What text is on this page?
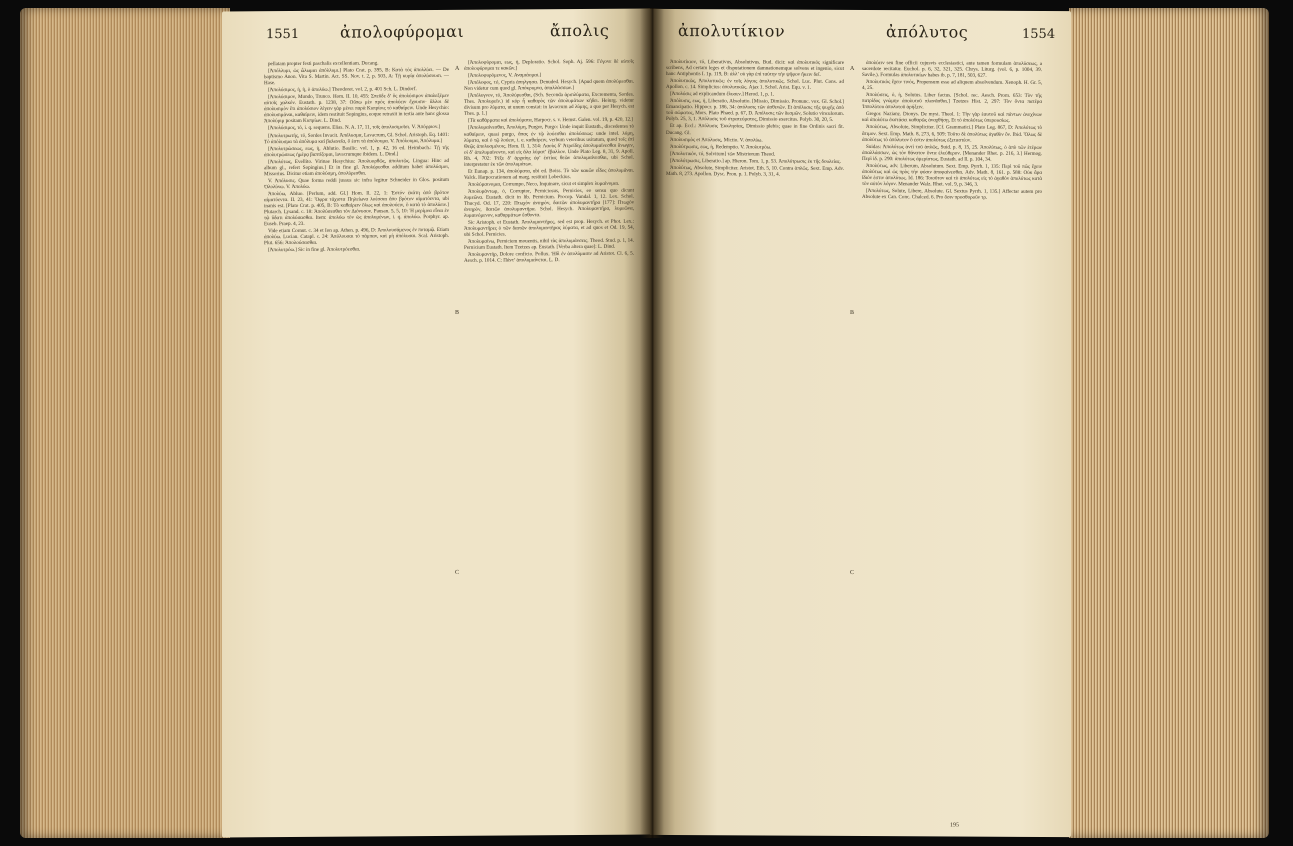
1551	ἀπολοφύρομαι	ἄπολις

pellatam propter festi paschalis excellentiam. Ducang.

[Ἀπόλλυμι, ὡς ὦλωμαι ἀπόλλυμι.] Plato Crat. p. 395, B: Κατὰ τὸς ἀπολλύει. — De baptismo Anon. Vita S. Martin. Act. SS. Nov. t. 2, p. 503, A: Τῇ κυρίᾳ ἀπολύσουσι. — Hase.

[Ἀπολύσιμος, ἡ, ἡ, ὁ ἀπολύω.] Theodoret. vol. 2, p. 401 Sch. L. Dindorf.

[Ἀπολύσιμον, Mundo, Trunco. Hom. II. 10, 455: Σπεῦδε δ’ ὄς ἀπολύσιμον ἀπαλεξέμεν αὐτοῖς χαλκόν. Eustath. p. 1238, 37: Οὔπω μὲν πρὸς ἀπολύειν ἔχουσιν· ἄλλοι δὲ ἀπολυσιμὸν ἔτι ἀπολύσιον λέγειν γὰρ μένει παρὰ Κυπρίοις τὸ καθαίρειν. Unde Hesychio: ἀπολυσιμάναι, καθαίρειν, idem restituit Sopingius, eoque retraxit in tertia ante hanc glossa Ἀπολύριμ positam Κυπρίων. L. Dind.

[Ἀπολύσιμος, τό, i. q. sequens. Elias. N. A. 17, 11, τοῖς ἀπολυσιμοῖσι. V. Ἀπόρριον.]

[Ἀπολυτρωτής, τό, Sordes Invacit. Ἀπόλυσμα, Lavacrum, Gl. Schol. Aristoph. Eq. 1401: Τὸ ἀπόλυσμα τὰ ἀπόλυμα καὶ βαλανεῖα, ὅ ἐστι τὰ ἀπόλουμα. V. Ἀπόλουμα, Ἀπόλυμα.]

[Ἀπολυτρώσεως, εως, ἡ, Ablutio. Basilic. vol. 1, p. 42, 16 ed. Heimbach.: Τῇ τῆς ἀπολυτρώσεως ἡμέρᾳ βαπτίζομαι, lavacrumque ibidem. L. Dind.]

[Ἀπολύτως, Evellito. Virinae Hesychius: Ἀπολυορθῶς, ἀπολυτῶς. Lingua: Hinc ad album gl., refert Sopingius.] Et in fine gl. Ἀπολύρεσθαι additum habet ἀπολύσμοι, Missorius. Dicitur etiam ἀπολύσμη, ἀπολύρεσθαι.

V. Ἀπόλυσις. Quae forma reddi jussus sic infra legitur Schneider in Glos. positum Ὀλολύνω. V. Ἀπολύω.

Ἀπολύω, Abluo. [Perlum, add. Gl.] Hom. Il. 22, 1: Ἑστόν ἑκάτη ἀπὸ βρότον αἱματόεντα. II. 23, 41: Ὄφρα τάχιστα Πηλείωνα λοέσσαι ἄπο βρότον αἱματόεντα, ubi inanis est. [Plato Crat. p. 405, B: Τὸ καθαίρειν ὅλως καὶ ἀπολούειν, ὅ κατὰ τὸ ἀπολύειν.] Plutarch. Lysand. c. 18: Ἀπολύσεσθαι τὸν Διόνυσον. Pausan. 5, 5, 10: Ἡ μερίμνα εἶναι ἐν τῷ ὕδατι ἀπολύσασθαι. Item: ἀπολύω τὸν ὡς ἀπολυμένων, i. q. ἀπολύω. Porphyr. ap. Euseb. Praep. 4, 23.

Vide etiam Cornut. c. 34 et Ion ap. Athen. p. 496, D: Ἀπολουσάμενος ἐν ποταμῷ. Etiam ἀπολύω. Lucian. Catapl. c. 24: Ἀπόλουσαι τὸ πάμπαν, καὶ μὴ ἀπόλυσαι. Scal. Aristoph. Plut. 656: Ἀπολούσασθαι.

[Ἀπολυτρόω.] Sic in fine gl. Ἀπολυτρόεσθαι.

A
B
C

[Ἀπολοφύρομαι, εως, ἡ, Deploratio. Schol. Soph. Aj. 596: Γέγονε δὲ αὐτοῖς ἀπολοφύρομαι τε κακῶν.]

[Ἀπολοφυρόμενος, V. Αναμιάομαι.]

[Ἀπόλοφος, τό, Cypris ἀπηλγησα. Denuded. Hesych. [Apud quem ἀπολύρεσθαι. Non videtur cum quod gl. Ἀπόκρυμνα, ἀπαλλάσσων.]

[Ἀπόλυγνον, τό, Ἀπολύρεσθαι, (Sch. Seconda ἀρσιλύματα, Excrementa, Sordes. Thes. Ἀπολυρεῖν.) id κόρ ἧ καθαρὸς τῶν ἀπολυμάτων κήδει. Heiurg. videtur divisum pro λύματα, ut unum constat: in lavacrum ad λύμης, a quo per Hesych. est Thes. p. 1.]

[Τὰ καθάρματα καὶ ἀπολύματα, Harpocr. s. v. Hemst. Galen. vol. 19, p. 420, 12.]

[Ἀπολυμαίνεσθαι, Ἀπολύμη, Purgor, Purgo: Unde inquit Eustath., discedentes τὸ καθαίρειν, quasi purgo, ἄπας ἐν τῷ λούεσθαι ἀπολύσεως: unde intel. λύμη, λύματα, καὶ ὁ τῷ λούειν, i. e. καθαίρειν, verbum veteribus usitatum, quod τοῖς ἐπὶ Θεῷς ἀπολυσμένοις. Hom. Il. 1, 314: Λαοὺς δ’ Ἀτρείδης ἀπολυμαίνεσθαι ἄνωγεν, οἱ δ’ ἀπελυμαίνοντο, καὶ εἰς ἅλα λύματ’ ἔβαλλον. Unde Plato Leg. 8, 31, 9. Apoll. Rh. 4, 702: Ῥέξε δ’ ἀρχαίης ἐφ’ ἐστίας θεῶν ἀπολυμαίνεσθαι, ubi Schol. interpretatur ἐκ τῶν ἀπολυμάτων.

Et Eunap. p. 134, ἀπολύματα, ubi ed. Boiss. Τὸ τῶν κακῶν εἶδος ἀπολυμᾶναι. Valck. Harpocrationem ad marg. restituit Lobeckius.

Ἀπολύμαινομαι, Corrumpo, Neco, Inquinare, sicut et simplex λυμαίνομαι.

Ἀπολυμάντωρ, ὁ, Corruptor, Perniciosus, Pernicies, eo sensu quo dicunt λυμεῶνα. Eustath. dicit in lib. Pernicium. Procop. Vandal. 1, 12. Lex. Schol. Thucyd. Od. 17, 220: Πτωχὸν ἀνιηρὸν, δαιτῶν ἀπολυμαντῆρα [177]: Πτωχὸν ἀνιηρὸν, δαιτῶν ἀπολυμαντῆρα. Schol. Hesych. Ἀπολυμαντῆρα, λυμεῶνα, λυμαινόμενον, καθαρμάτων ἔσθοντα.

Sic Aristoph. et Eustath. Ἀπολυμαντῆρες, sed est prop. Hesych. et Phot. Lex.: Ἀπολυμαντῆρες ὁ τῶν δαιτῶν ἀπολυμαντῆρας λύματα, et ad quos et Od. 19, 54, ubi Schol. Pernicies.

Ἀπολυμαίνω, Perniciem mouentis, nihil τὰς ἀπολυμάνσεις. Theod. Stud. p. 1, 14. Pernicium Eustath. Item Tzetzes ap. Eustath. [Verba altera quae]: L. Dind.

Ἀπολυμαντήρ, Dolore conficio. Pollux. Ἡδὶ ἐν ἀπολύμασιν ad Aristot. Cl. 6, 5. Aesch. p. 1014. C: Πάντ’ ἀπολυμαίνεται. L. D.

ἀπολυτίκιον	ἀπόλυτος	1554

Ἀπολυτίκιον, τό, Liberativus, Absolutivus. Bud. dicit: καὶ ἀπολυτικός significare scribens, Ad certam leges et disputationem damnationemque solvens et ingenio, sicut hanc Antiphontis I. 1p. 119, B: ἀλλ’ οὐ γὰρ ἐπὶ ταύτην τὴν ψῆφον ἥκειν δεῖ.

Ἀπολυτικῶς, Ἀπολυτικῶς: ἐν τοῖς λόγοις ἀπολυτικῶς. Schol. Luc. Plut. Cons. ad Apollon. c. 14. Simplicius: ἀπολυτικῶς. Ajax 1. Schol. Arist. Equ. v. 1.

[Ἀπολύσις ad explicandum ἔλυσεν.] Herod. 1, p. 1.

Ἀπόλυσις, εως, ἡ, Liberatio, Absolutio. [Missio, Dimissio. Pronunc. vox. Gl. Schol.] Emancipatio. Hippocr. p. 186, 34: ἀπόλυσις τῶν ἀσθενῶν. Et ἀπόλυσις τῆς ψυχῆς ἀπὸ τοῦ σώματος, Mors. Plato Phaed. p. 67, D. Ἀπόλυσις τῶν δεσμῶν, Solutio vinculorum. Polyb. 25, 3, 1. Ἀπόλυσις τοῦ στρατεύματος, Dimissio exercitus. Polyb. 30, 20, 5.

Et ap. Eccl.: Ἀπόλυσις Ἐκκλησίας, Dimissio plebis; quae in fine Ordinis sacri fit. Ducang. Gl.

Ἀπολυσιμὸς et Ἀπόλυσις, Mictio. V. ἀπολύω.

Ἀπολύτρωσις, εως, ἡ, Redemptio. V. Ἀπολυτρόω.

[Ἀπολυτικόν, τό, Solvitum] τῶν Mistriorum Theod.

[Ἀπολύτρωσις, Liberatio.] ap. Hieron. Tom. 1, p. 53. Ἀπολύτρωσις ἐκ τῆς δουλείας.

Ἀπολύτως, Absolute, Simpliciter. Aristot. Eth. 5, 10. Contra ἁπλῶς. Sext. Emp. Adv. Math. 8, 273. Apollon. Dysc. Pron. p. 1. Polyb. 3, 31, 4.

A
B
C

ἀπολύειν seu fine officii cujusvis ecclesiastici, ante tamen formulam ἀπολύσεως, a sacerdote recitatur. Euchol. p. 6, 32, 321, 325. Chrys. Liturg. (vol. 6, p. 1004, 39. Savile.). Formulas ἀπολυτικίων habes ib. p. 7, 181, 503, 627.

Ἀπολυτικὸς ἔχειν τινός, Propensum esse ad aliquem absolvendum. Xenoph. H. Gr. 5, 4, 25.

Ἀπολύσεις, ὁ, ἡ, Solutus. Liber factus. [Schol. rec. Aesch. Prom. 653: Τὸν τῆς πατρίδος γνώμην ἀπολυτοῦ πλανᾶσθαι.] Tzetzes Hist. 2, 297: Τὸν ὄντα πατέρα Ἱππολύτου ἀπολυτοῦ ἀρήξειν.

Gregor. Nazianz. Dionys. De mysi. Theol. 1: Τὴν γὰρ ἑαυτοῦ καὶ πάντων ἀνεχίνων καὶ ἀπολύτω ἐκστάσει καθαρῶς ἀναχθήσῃ. Et τὸ ἀπολύτως ὑπερουσίως.

Ἀπολύτως, Absolute, Simpliciter. [Cf. Grammatici.] Plato Leg. 867, D: Ἀπολύτως τὸ ἄτιμον. Sext. Emp. Math. 8, 273, 6, 509: Τοῦτο δὲ ἀπολύτως ἀγαθὸν ὄν. Ibid. Ὅλως δὲ ἀπολύτως τὸ ἀπόλυτον ὅ ἐστιν ἀπολύτως ἐξεταστέον.

Suidas: Ἀπολύτως ἀντὶ τοῦ ἁπλῶς, Suid. p. 8, 15, 25. Ἀπολύτως, ὁ ἀπὸ τῶν ἑτέρων ἀπαλλάσσων, ὡς τὸν θάνατον ὄντα ἐλεύθερον. [Menander Rhet. p. 216, 3.] Hermog. Περὶ ἰδ. p. 290: ἀπολύτως ἀμερίστως. Eustath. ad Il. p. 104, 34.

Ἀπολύτως, adv. Liberum, Absolutum. Sext. Emp. Pyrrh. 1, 135: Περὶ τοῦ πῶς ἔχειν ἀπολύτως καὶ ὡς πρὸς τὴν φύσιν ἀποφαίνεσθαι. Adv. Math. 8, 161. p. 588: Οὐκ ἄρα ἴδιόν ἐστιν ἀπολύτως. Id. 186: Τοιοῦτον καὶ τὸ ἀπολύτως εἰς τὸ ἀγαθὸν ἀπολύτως κατὰ τὸν αὐτὸν λόγον. Menander Walz. Rhet. vol. 9, p. 346, 3.

[Ἀπολύτως, Solute, Libere, Absolute. Gl. Sextus Pyrrh. 1, 135.] Affectar autem pro Absolute ex Can. Conc. Chalced. 6. Pro ὅσιν προσθοροῦν τρ.

195
